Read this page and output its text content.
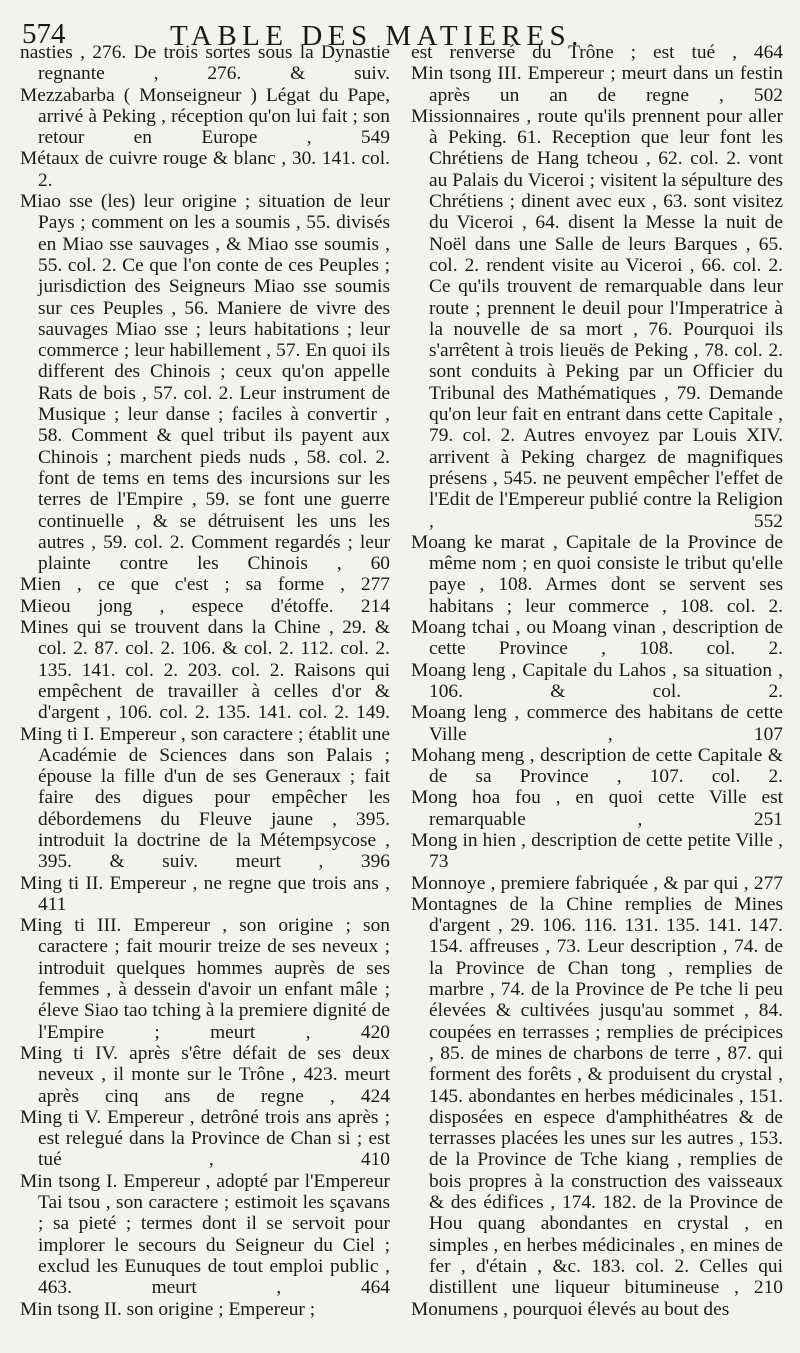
574	TABLE DES MATIERES.

nasties , 276. De trois sortes sous la Dynastie regnante , 276. & suiv.

Mezzabarba ( Monseigneur ) Légat du Pape, arrivé à Peking , réception qu'on lui fait ; son retour en Europe , 549

Métaux de cuivre rouge & blanc , 30. 141. col. 2.

Miao sse (les) leur origine ; situation de leur Pays ; comment on les a soumis , 55. divisés en Miao sse sauvages , & Miao sse soumis , 55. col. 2. Ce que l'on conte de ces Peuples ; jurisdiction des Seigneurs Miao sse soumis sur ces Peuples , 56. Maniere de vivre des sauvages Miao sse ; leurs habitations ; leur commerce ; leur habillement , 57. En quoi ils different des Chinois ; ceux qu'on appelle Rats de bois , 57. col. 2. Leur instrument de Musique ; leur danse ; faciles à convertir , 58. Comment & quel tribut ils payent aux Chinois ; marchent pieds nuds , 58. col. 2. font de tems en tems des incursions sur les terres de l'Empire , 59. se font une guerre continuelle , & se détruisent les uns les autres , 59. col. 2. Comment regardés ; leur plainte contre les Chinois , 60

Mien , ce que c'est ; sa forme , 277

Mieou jong , espece d'étoffe. 214

Mines qui se trouvent dans la Chine , 29. & col. 2. 87. col. 2. 106. & col. 2. 112. col. 2. 135. 141. col. 2. 203. col. 2. Raisons qui empêchent de travailler à celles d'or & d'argent , 106. col. 2. 135. 141. col. 2. 149.

Ming ti I. Empereur , son caractere ; établit une Académie de Sciences dans son Palais ; épouse la fille d'un de ses Generaux ; fait faire des digues pour empêcher les débordemens du Fleuve jaune , 395. introduit la doctrine de la Métempsycose , 395. & suiv. meurt , 396

Ming ti II. Empereur , ne regne que trois ans , 411

Ming ti III. Empereur , son origine ; son caractere ; fait mourir treize de ses neveux ; introduit quelques hommes auprès de ses femmes , à dessein d'avoir un enfant mâle ; éleve Siao tao tching à la premiere dignité de l'Empire ; meurt , 420

Ming ti IV. après s'être défait de ses deux neveux , il monte sur le Trône , 423. meurt après cinq ans de regne , 424

Ming ti V. Empereur , detrôné trois ans après ; est relegué dans la Province de Chan si ; est tué , 410

Min tsong I. Empereur , adopté par l'Empereur Tai tsou , son caractere ; estimoit les sçavans ; sa pieté ; termes dont il se servoit pour implorer le secours du Seigneur du Ciel ; exclud les Eunuques de tout emploi public , 463. meurt , 464

Min tsong II. son origine ; Empereur ;

est renversé du Trône ; est tué , 464

Min tsong III. Empereur ; meurt dans un festin après un an de regne , 502

Missionnaires , route qu'ils prennent pour aller à Peking. 61. Reception que leur font les Chrétiens de Hang tcheou , 62. col. 2. vont au Palais du Viceroi ; visitent la sépulture des Chrétiens ; dinent avec eux , 63. sont visitez du Viceroi , 64. disent la Messe la nuit de Noël dans une Salle de leurs Barques , 65. col. 2. rendent visite au Viceroi , 66. col. 2. Ce qu'ils trouvent de remarquable dans leur route ; prennent le deuil pour l'Imperatrice à la nouvelle de sa mort , 76. Pourquoi ils s'arrêtent à trois lieuës de Peking , 78. col. 2. sont conduits à Peking par un Officier du Tribunal des Mathématiques , 79. Demande qu'on leur fait en entrant dans cette Capitale , 79. col. 2. Autres envoyez par Louis XIV. arrivent à Peking chargez de magnifiques présens , 545. ne peuvent empêcher l'effet de l'Edit de l'Empereur publié contre la Religion , 552

Moang ke marat , Capitale de la Province de même nom ; en quoi consiste le tribut qu'elle paye , 108. Armes dont se servent ses habitans ; leur commerce , 108. col. 2.

Moang tchai , ou Moang vinan , description de cette Province , 108. col. 2.

Moang leng , Capitale du Lahos , sa situation , 106. & col. 2.

Moang leng , commerce des habitans de cette Ville , 107

Mohang meng , description de cette Capitale & de sa Province , 107. col. 2.

Mong hoa fou , en quoi cette Ville est remarquable , 251

Mong in hien , description de cette petite Ville , 73

Monnoye , premiere fabriquée , & par qui , 277

Montagnes de la Chine remplies de Mines d'argent , 29. 106. 116. 131. 135. 141. 147. 154. affreuses , 73. Leur description , 74. de la Province de Chan tong , remplies de marbre , 74. de la Province de Pe tche li peu élevées & cultivées jusqu'au sommet , 84. coupées en terrasses ; remplies de précipices , 85. de mines de charbons de terre , 87. qui forment des forêts , & produisent du crystal , 145. abondantes en herbes médicinales , 151. disposées en espece d'amphithéatres & de terrasses placées les unes sur les autres , 153. de la Province de Tche kiang , remplies de bois propres à la construction des vaisseaux & des édifices , 174. 182. de la Province de Hou quang abondantes en crystal , en simples , en herbes médicinales , en mines de fer , d'étain , &c. 183. col. 2. Celles qui distillent une liqueur bitumineuse , 210

Monumens , pourquoi élevés au bout des
